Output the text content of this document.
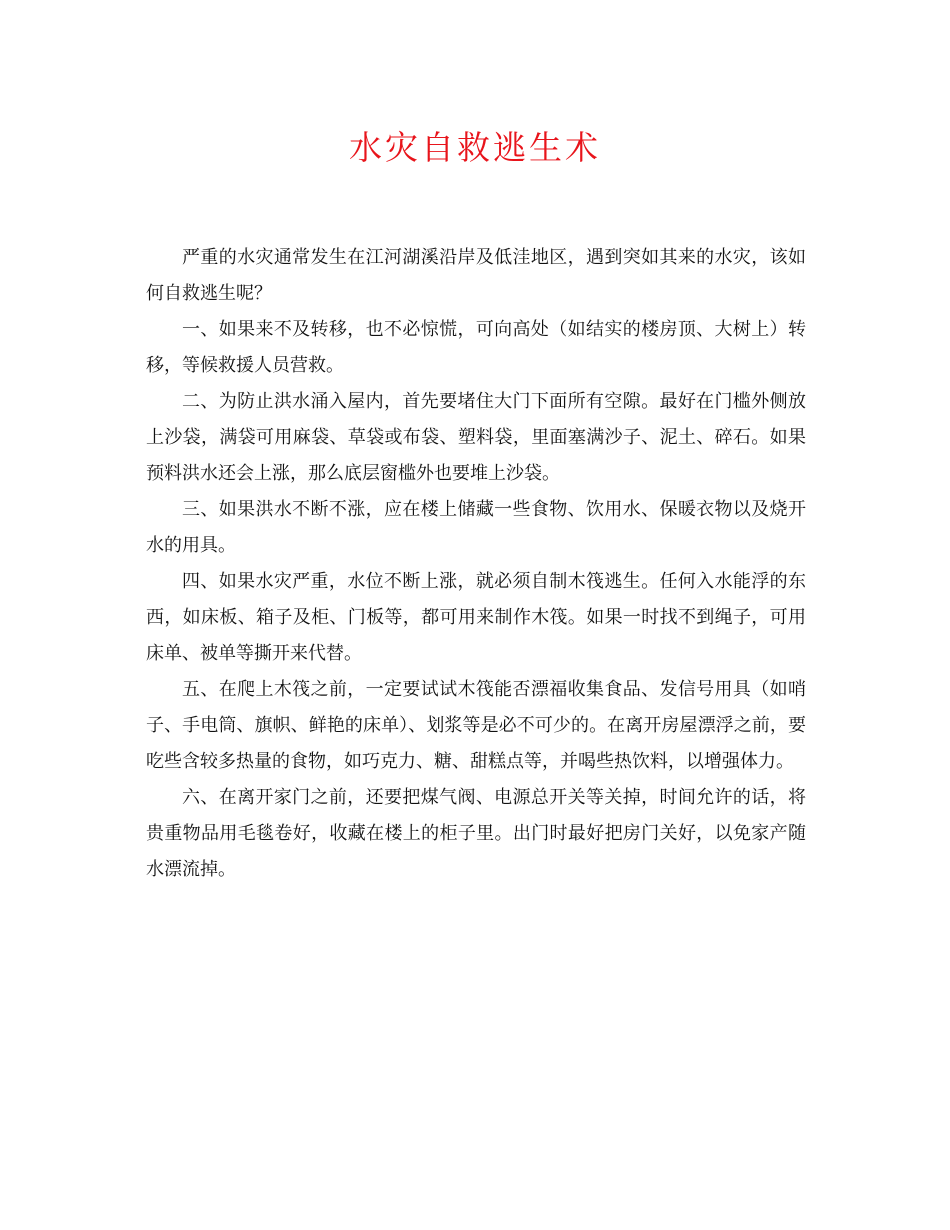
水灾自救逃生术

严重的水灾通常发生在江河湖溪沿岸及低洼地区，遇到突如其来的水灾，该如何自救逃生呢？

一、如果来不及转移，也不必惊慌，可向高处（如结实的楼房顶、大树上）转移，等候救援人员营救。

二、为防止洪水涌入屋内，首先要堵住大门下面所有空隙。最好在门槛外侧放上沙袋，满袋可用麻袋、草袋或布袋、塑料袋，里面塞满沙子、泥土、碎石。如果预料洪水还会上涨，那么底层窗槛外也要堆上沙袋。

三、如果洪水不断不涨，应在楼上储藏一些食物、饮用水、保暖衣物以及烧开水的用具。

四、如果水灾严重，水位不断上涨，就必须自制木筏逃生。任何入水能浮的东西，如床板、箱子及柜、门板等，都可用来制作木筏。如果一时找不到绳子，可用床单、被单等撕开来代替。

五、在爬上木筏之前，一定要试试木筏能否漂福收集食品、发信号用具（如哨子、手电筒、旗帜、鲜艳的床单）、划浆等是必不可少的。在离开房屋漂浮之前，要吃些含较多热量的食物，如巧克力、糖、甜糕点等，并喝些热饮料，以增强体力。

六、在离开家门之前，还要把煤气阀、电源总开关等关掉，时间允许的话，将贵重物品用毛毯卷好，收藏在楼上的柜子里。出门时最好把房门关好，以免家产随水漂流掉。
